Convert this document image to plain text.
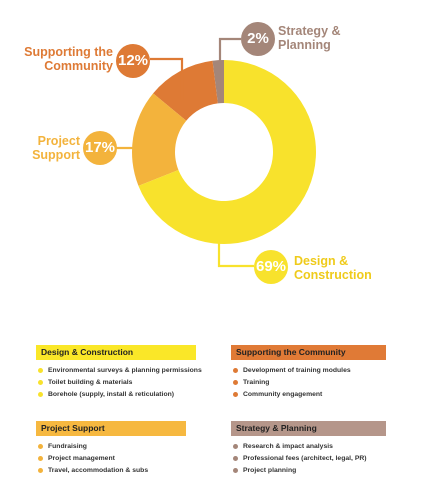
2% Strategy &
Planning
Supporting the
Community 12%
Project
Support 17%
69% Design &
Construction
Design & Construction
Environmental surveys & planning permissions
Toilet building & materials
Borehole (supply, install & reticulation)
Supporting the Community
Development of training modules
Training
Community engagement
Project Support
Fundraising
Project management
Travel, accommodation & subs
Strategy & Planning
Research & impact analysis
Professional fees (architect, legal, PR)
Project planning
